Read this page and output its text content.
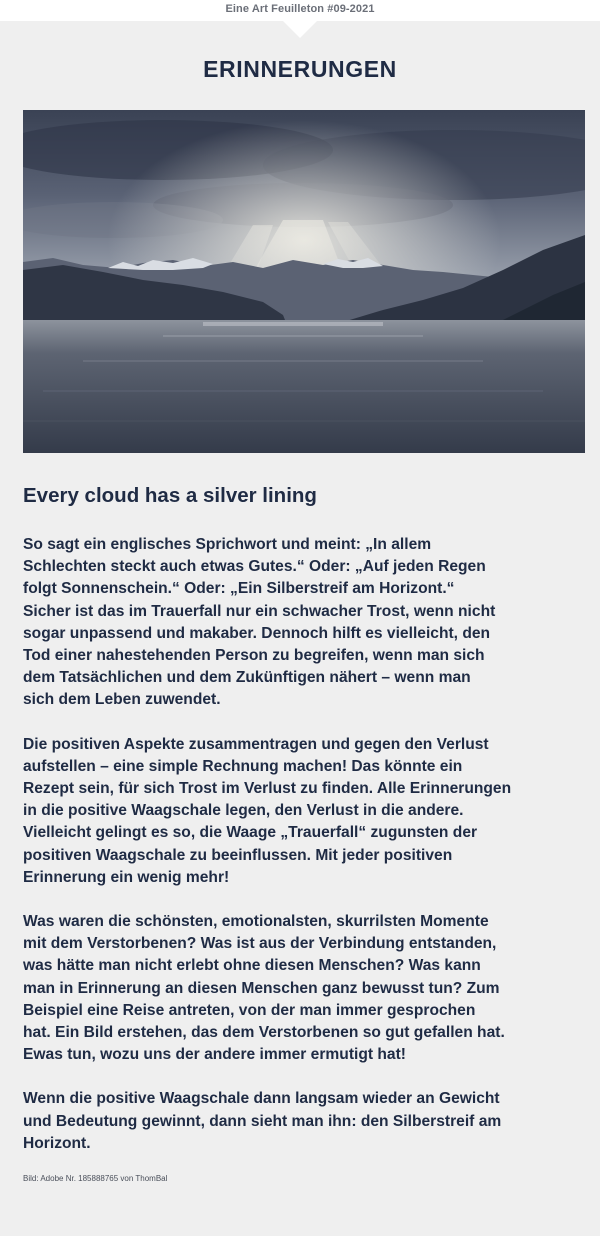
Eine Art Feuilleton #09-2021
ERINNERUNGEN
Every cloud has a silver lining

So sagt ein englisches Sprichwort und meint: „In allem
Schlechten steckt auch etwas Gutes.“ Oder: „Auf jeden Regen
folgt Sonnenschein.“ Oder: „Ein Silberstreif am Horizont.“
Sicher ist das im Trauerfall nur ein schwacher Trost, wenn nicht
sogar unpassend und makaber. Dennoch hilft es vielleicht, den
Tod einer nahestehenden Person zu begreifen, wenn man sich
dem Tatsächlichen und dem Zukünftigen nähert – wenn man
sich dem Leben zuwendet.

Die positiven Aspekte zusammentragen und gegen den Verlust
aufstellen – eine simple Rechnung machen! Das könnte ein
Rezept sein, für sich Trost im Verlust zu finden. Alle Erinnerungen
in die positive Waagschale legen, den Verlust in die andere.
Vielleicht gelingt es so, die Waage „Trauerfall“ zugunsten der
positiven Waagschale zu beeinflussen. Mit jeder positiven
Erinnerung ein wenig mehr!

Was waren die schönsten, emotionalsten, skurrilsten Momente
mit dem Verstorbenen? Was ist aus der Verbindung entstanden,
was hätte man nicht erlebt ohne diesen Menschen? Was kann
man in Erinnerung an diesen Menschen ganz bewusst tun? Zum
Beispiel eine Reise antreten, von der man immer gesprochen
hat. Ein Bild erstehen, das dem Verstorbenen so gut gefallen hat.
Ewas tun, wozu uns der andere immer ermutigt hat!

Wenn die positive Waagschale dann langsam wieder an Gewicht
und Bedeutung gewinnt, dann sieht man ihn: den Silberstreif am
Horizont.

Bild: Adobe Nr. 185888765 von ThomBal
